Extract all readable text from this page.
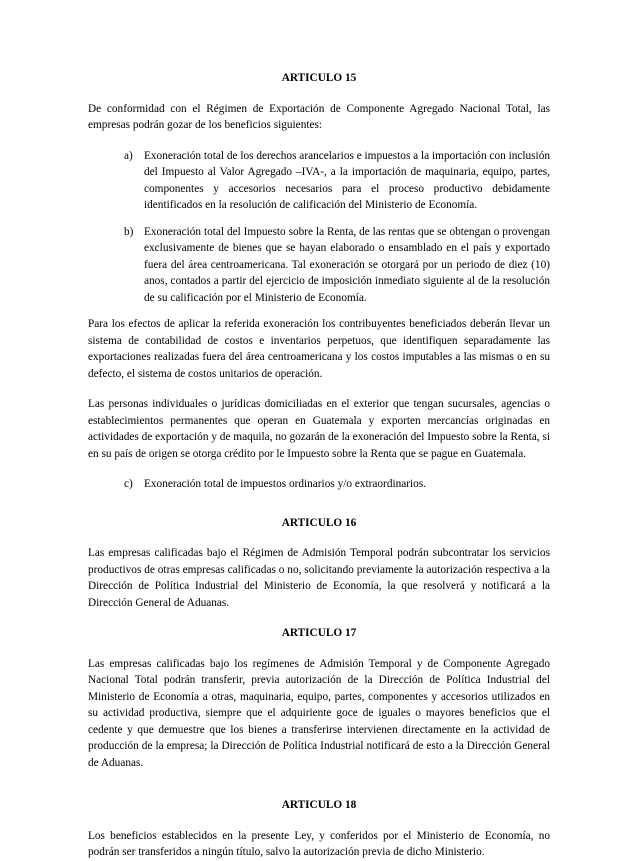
ARTICULO 15

De conformidad con el Régimen de Exportación de Componente Agregado Nacional Total, las empresas podrán gozar de los beneficios siguientes:

a) Exoneración total de los derechos arancelarios e impuestos a la importación con inclusión del Impuesto al Valor Agregado –IVA-, a la importación de maquinaria, equipo, partes, componentes y accesorios necesarios para el proceso productivo debidamente identificados en la resolución de calificación del Ministerio de Economía.
b) Exoneración total del Impuesto sobre la Renta, de las rentas que se obtengan o provengan exclusivamente de bienes que se hayan elaborado o ensamblado en el país y exportado fuera del área centroamericana. Tal exoneración se otorgará por un periodo de diez (10) anos, contados a partir del ejercicio de imposición inmediato siguiente al de la resolución de su calificación por el Ministerio de Economía.

Para los efectos de aplicar la referida exoneración los contribuyentes beneficiados deberán llevar un sistema de contabilidad de costos e inventarios perpetuos, que identifiquen separadamente las exportaciones realizadas fuera del área centroamericana y los costos imputables a las mismas o en su defecto, el sistema de costos unitarios de operación.

Las personas individuales o jurídicas domiciliadas en el exterior que tengan sucursales, agencias o establecimientos permanentes que operan en Guatemala y exporten mercancías originadas en actividades de exportación y de maquila, no gozarán de la exoneración del Impuesto sobre la Renta, si en su país de origen se otorga crédito por le Impuesto sobre la Renta que se pague en Guatemala.

c) Exoneración total de impuestos ordinarios y/o extraordinarios.
ARTICULO 16

Las empresas calificadas bajo el Régimen de Admisión Temporal podrán subcontratar los servicios productivos de otras empresas calificadas o no, solicitando previamente la autorización respectiva a la Dirección de Política Industrial del Ministerio de Economía, la que resolverá y notificará a la Dirección General de Aduanas.

ARTICULO 17

Las empresas calificadas bajo los regímenes de Admisión Temporal y de Componente Agregado Nacional Total podrán transferir, previa autorización de la Dirección de Política Industrial del Ministerio de Economía a otras, maquinaria, equipo, partes, componentes y accesorios utilizados en su actividad productiva, siempre que el adquiriente goce de iguales o mayores beneficios que el cedente y que demuestre que los bienes a transferirse intervienen directamente en la actividad de producción de la empresa; la Dirección de Política Industrial notificará de esto a la Dirección General de Aduanas.

ARTICULO 18

Los beneficios establecidos en la presente Ley, y conferidos por el Ministerio de Economía, no podrán ser transferidos a ningún título, salvo la autorización previa de dicho Ministerio.
